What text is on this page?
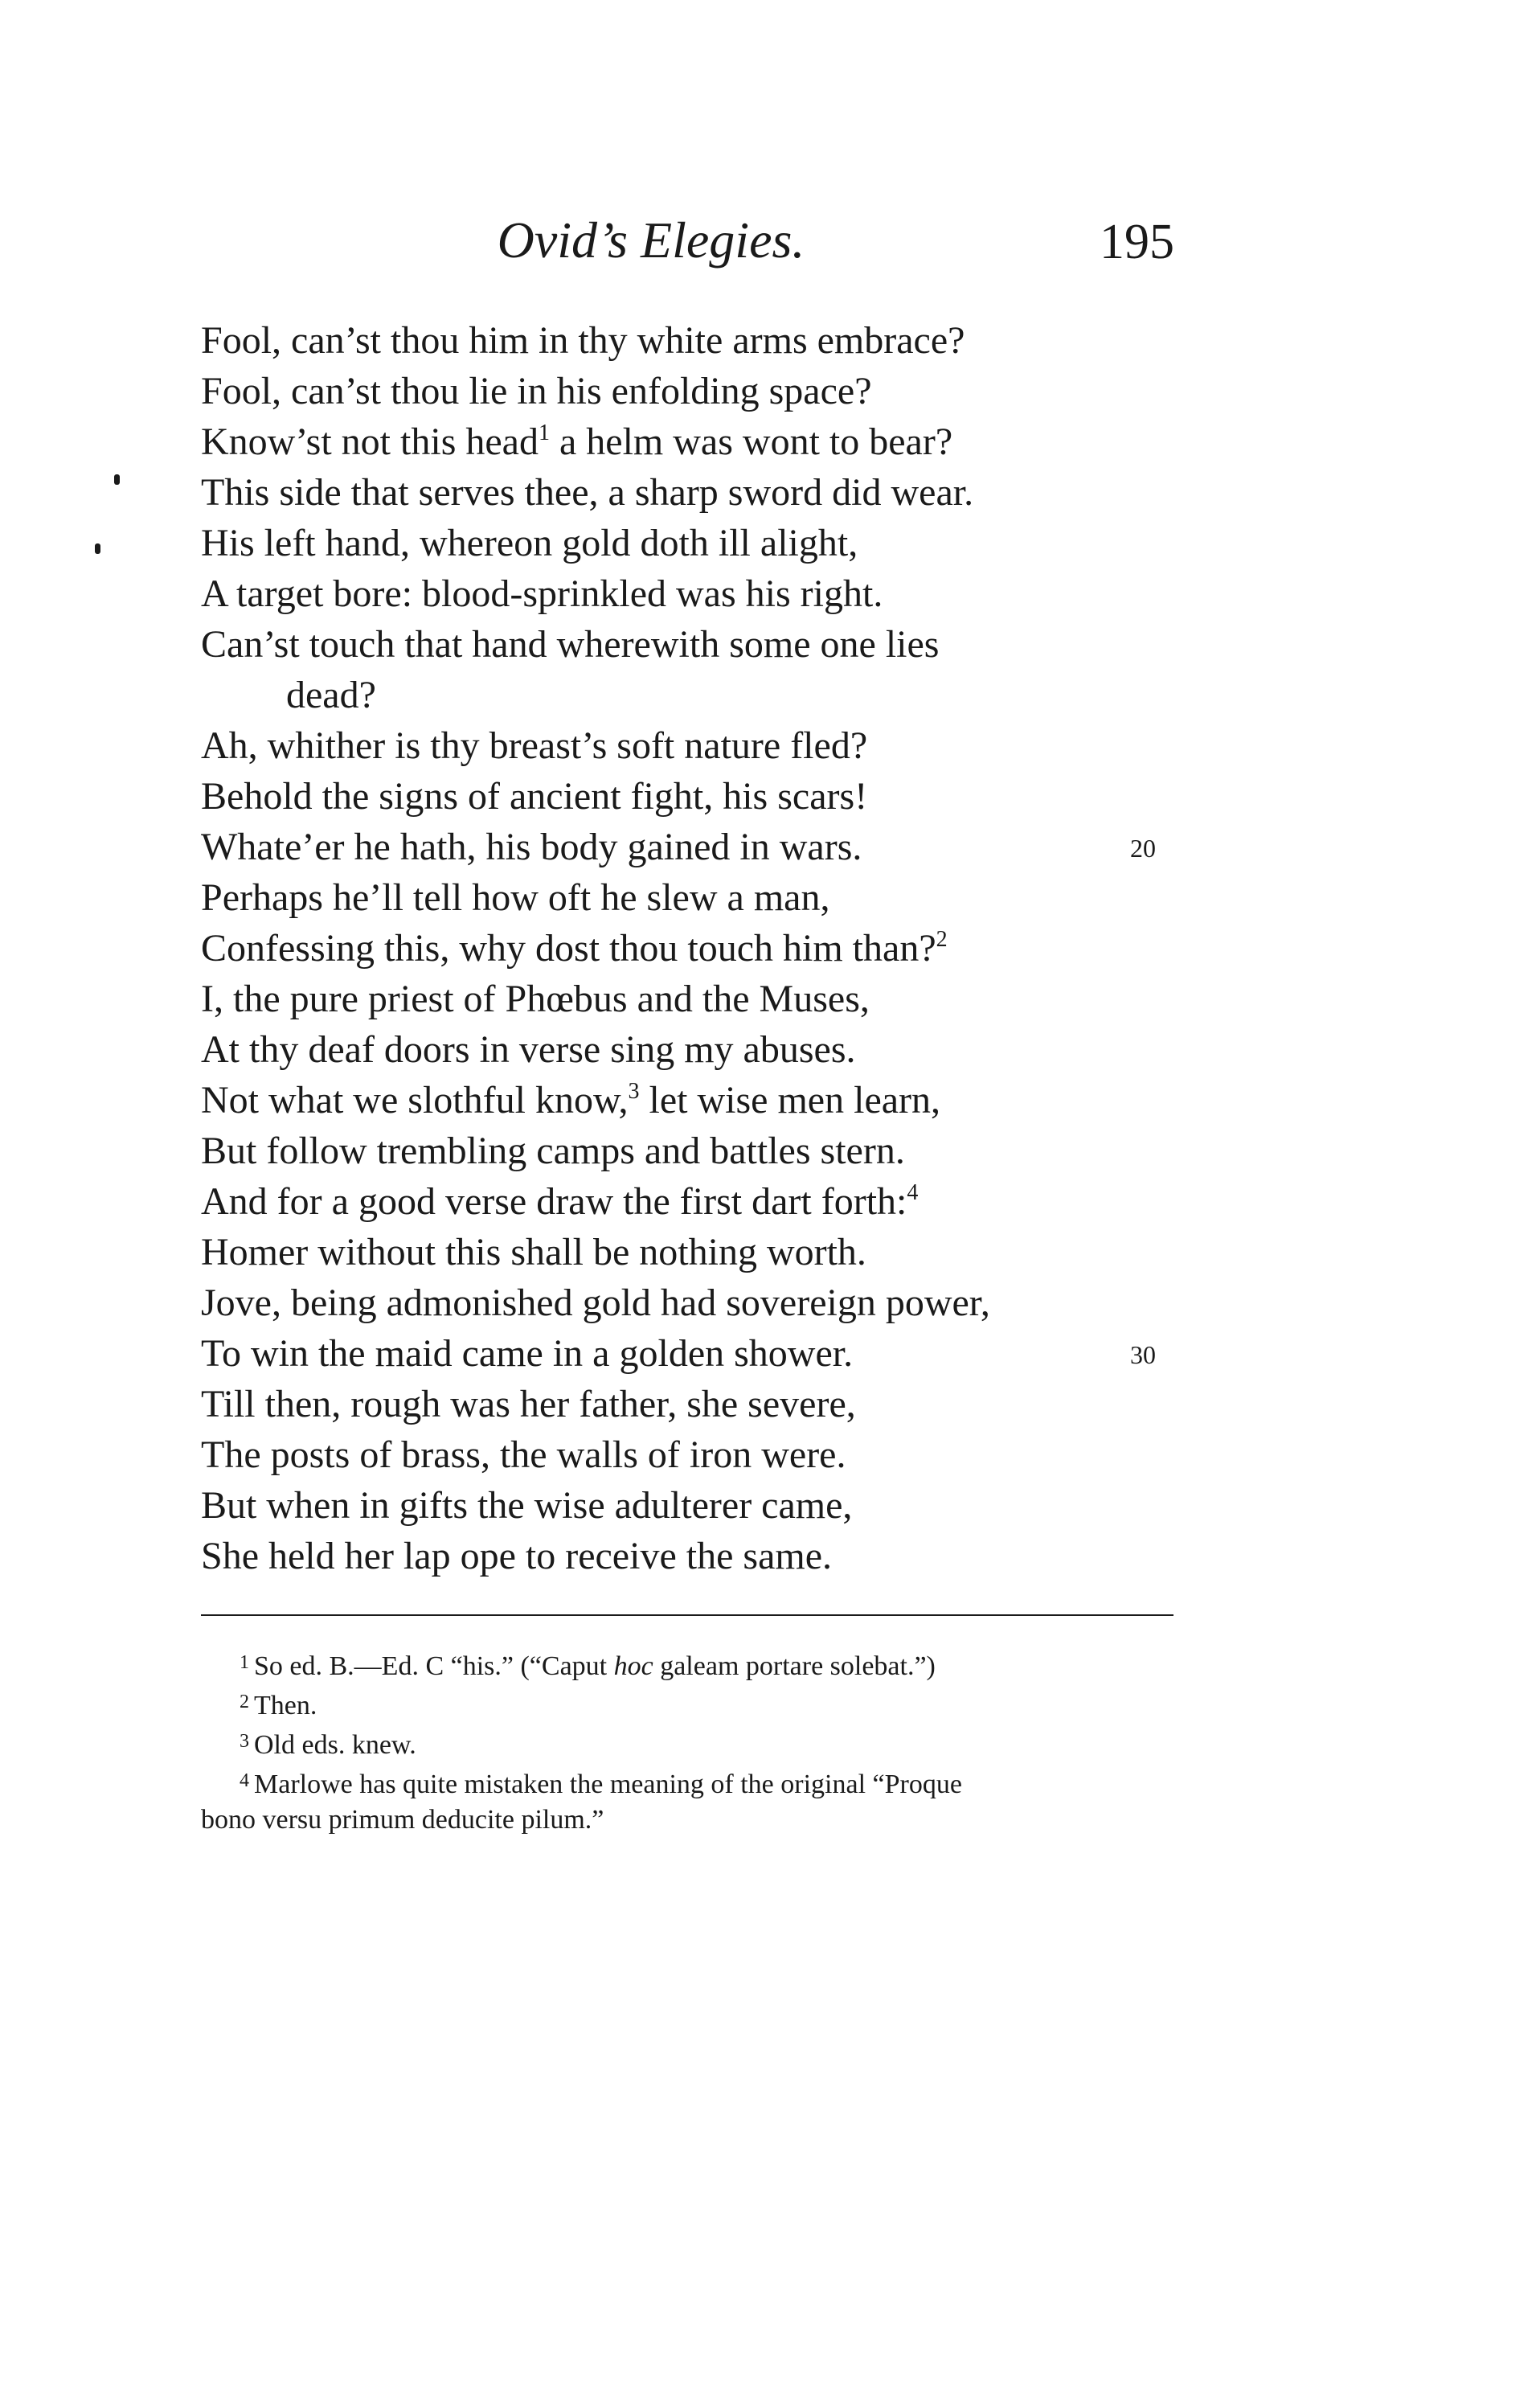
Ovid’s Elegies.	195
Fool, can’st thou him in thy white arms embrace?
Fool, can’st thou lie in his enfolding space?
Know’st not this head$^1$ a helm was wont to bear?
This side that serves thee, a sharp sword did wear.
His left hand, whereon gold doth ill alight,
A target bore: blood-sprinkled was his right.
Can’st touch that hand wherewith some one lies
dead?
Ah, whither is thy breast’s soft nature fled?
Behold the signs of ancient fight, his scars!
Whate’er he hath, his body gained in wars.	20
Perhaps he’ll tell how oft he slew a man,
Confessing this, why dost thou touch him than?$^2$
I, the pure priest of Phœbus and the Muses,
At thy deaf doors in verse sing my abuses.
Not what we slothful know,$^3$ let wise men learn,
But follow trembling camps and battles stern.
And for a good verse draw the first dart forth:$^4$
Homer without this shall be nothing worth.
Jove, being admonished gold had sovereign power,
To win the maid came in a golden shower.	30
Till then, rough was her father, she severe,
The posts of brass, the walls of iron were.
But when in gifts the wise adulterer came,
She held her lap ope to receive the same.
$^1$ So ed. B.—Ed. C “his.” (“Caput hoc galeam portare solebat.”)
$^2$ Then.
$^3$ Old eds. knew.
$^4$ Marlowe has quite mistaken the meaning of the original “Proque
bono versu primum deducite pilum.”
